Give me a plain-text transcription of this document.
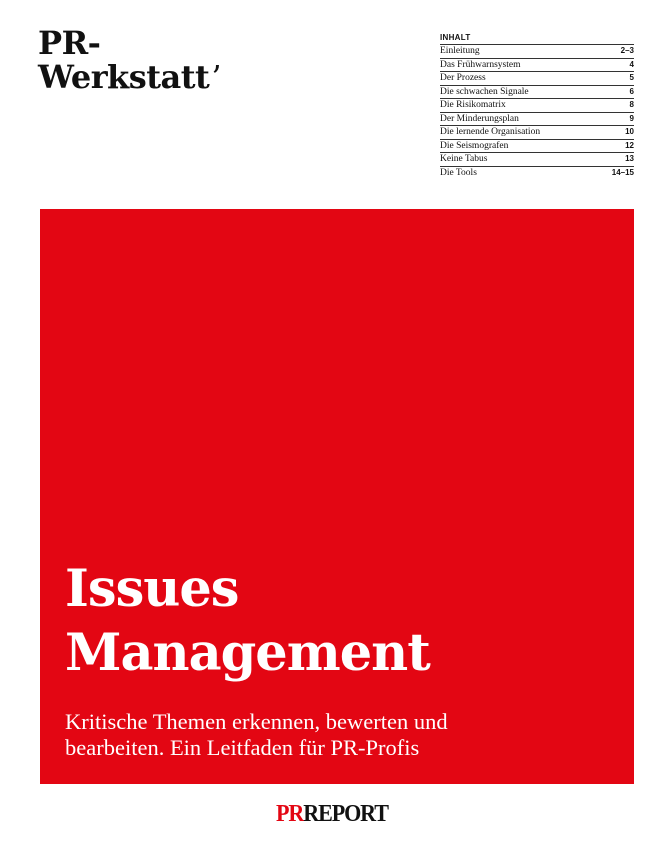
PR-
Werkstatt’
INHALT
Einleitung	2–3
Das Frühwarnsystem	4
Der Prozess	5
Die schwachen Signale	6
Die Risikomatrix	8
Der Minderungsplan	9
Die lernende Organisation	10
Die Seismografen	12
Keine Tabus	13
Die Tools	14–15
Issues
Management
Kritische Themen erkennen, bewerten und
bearbeiten. Ein Leitfaden für PR-Profis
PRREPORT
